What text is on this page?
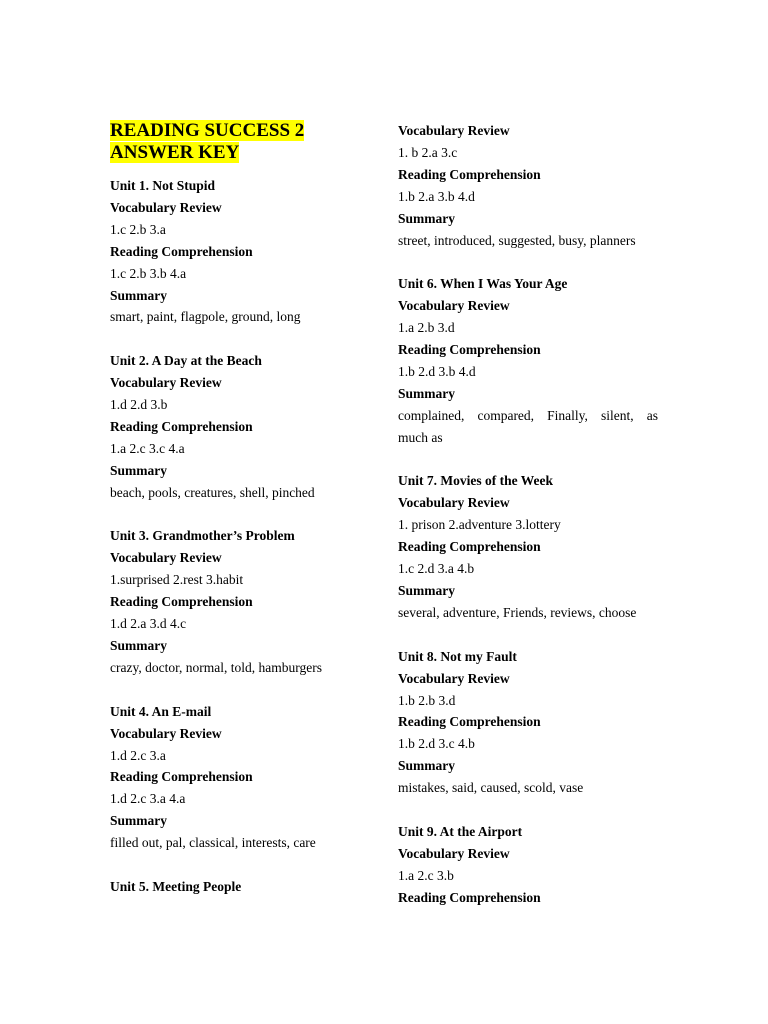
READING SUCCESS 2
ANSWER KEY
Unit 1. Not Stupid
Vocabulary Review
1.c 2.b 3.a
Reading Comprehension
1.c 2.b 3.b 4.a
Summary
smart, paint, flagpole, ground, long
Unit 2. A Day at the Beach
Vocabulary Review
1.d 2.d 3.b
Reading Comprehension
1.a 2.c 3.c 4.a
Summary
beach, pools, creatures, shell, pinched
Unit 3. Grandmother’s Problem
Vocabulary Review
1.surprised 2.rest 3.habit
Reading Comprehension
1.d 2.a 3.d 4.c
Summary
crazy, doctor, normal, told, hamburgers
Unit 4. An E-mail
Vocabulary Review
1.d 2.c 3.a
Reading Comprehension
1.d 2.c 3.a 4.a
Summary
filled out, pal, classical, interests, care
Unit 5. Meeting People
Vocabulary Review
1. b 2.a 3.c
Reading Comprehension
1.b 2.a 3.b 4.d
Summary
street, introduced, suggested, busy, planners
Unit 6. When I Was Your Age
Vocabulary Review
1.a 2.b 3.d
Reading Comprehension
1.b 2.d 3.b 4.d
Summary
complained, compared, Finally, silent, as
much as
Unit 7. Movies of the Week
Vocabulary Review
1. prison 2.adventure 3.lottery
Reading Comprehension
1.c 2.d 3.a 4.b
Summary
several, adventure, Friends, reviews, choose
Unit 8. Not my Fault
Vocabulary Review
1.b 2.b 3.d
Reading Comprehension
1.b 2.d 3.c 4.b
Summary
mistakes, said, caused, scold, vase
Unit 9. At the Airport
Vocabulary Review
1.a 2.c 3.b
Reading Comprehension
